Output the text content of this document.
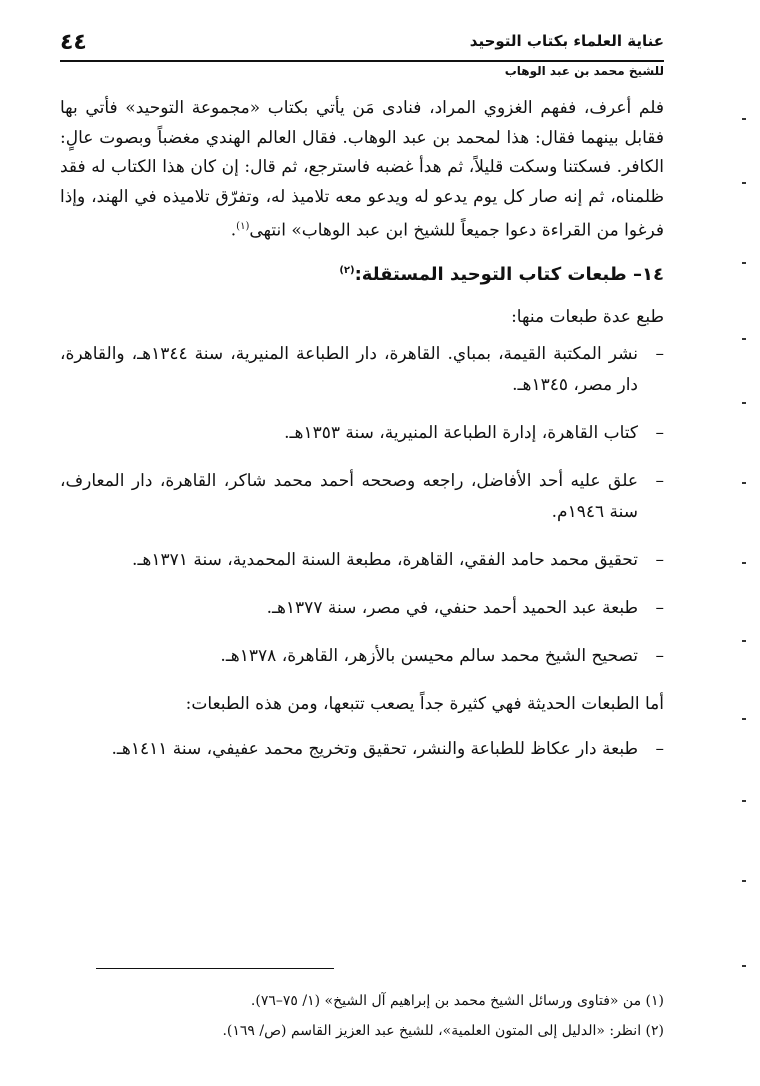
٤٤	عناية العلماء بكتاب التوحيد
للشيخ محمد بن عبد الوهاب

فلم أعرف، ففهم الغزوي المراد، فنادى مَن يأتي بكتاب «مجموعة التوحيد» فأتي بها فقابل بينهما فقال: هذا لمحمد بن عبد الوهاب. فقال العالم الهندي مغضباً وبصوت عالٍ: الكافر. فسكتنا وسكت قليلاً، ثم هدأ غضبه فاسترجع، ثم قال: إن كان هذا الكتاب له فقد ظلمناه، ثم إنه صار كل يوم يدعو له ويدعو معه تلاميذ له، وتفرّق تلاميذه في الهند، وإذا فرغوا من القراءة دعوا جميعاً للشيخ ابن عبد الوهاب» انتهى$^{(١)}$.

١٤– طبعات كتاب التوحيد المستقلة:$^{(٢)}$
طبع عدة طبعات منها:
– نشر المكتبة القيمة، بمباي. القاهرة، دار الطباعة المنيرية، سنة ١٣٤٤هـ، والقاهرة، دار مصر، ١٣٤٥هـ.
– كتاب القاهرة، إدارة الطباعة المنيرية، سنة ١٣٥٣هـ.
– علق عليه أحد الأفاضل، راجعه وصححه أحمد محمد شاكر، القاهرة، دار المعارف، سنة ١٩٤٦م.
– تحقيق محمد حامد الفقي، القاهرة، مطبعة السنة المحمدية، سنة ١٣٧١هـ.
– طبعة عبد الحميد أحمد حنفي، في مصر، سنة ١٣٧٧هـ.
– تصحيح الشيخ محمد سالم محيسن بالأزهر، القاهرة، ١٣٧٨هـ.
أما الطبعات الحديثة فهي كثيرة جداً يصعب تتبعها، ومن هذه الطبعات:
– طبعة دار عكاظ للطباعة والنشر، تحقيق وتخريج محمد عفيفي، سنة ١٤١١هـ.

(١) من «فتاوى ورسائل الشيخ محمد بن إبراهيم آل الشيخ» (١/ ٧٥–٧٦).

(٢) انظر: «الدليل إلى المتون العلمية»، للشيخ عبد العزيز القاسم (ص/ ١٦٩).
